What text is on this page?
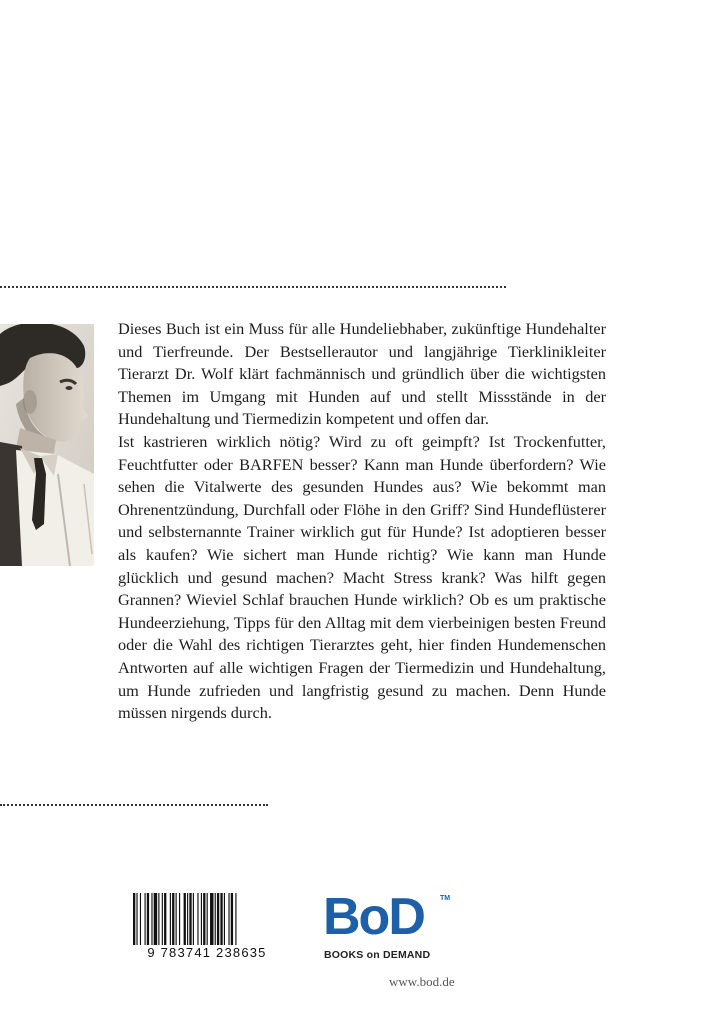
Dieses Buch ist ein Muss für alle Hundeliebhaber, zukünftige Hundehalter und Tierfreunde. Der Bestsellerautor und langjährige Tierklinikleiter Tierarzt Dr. Wolf klärt fachmännisch und gründlich über die wichtigsten Themen im Umgang mit Hunden auf und stellt Missstände in der Hundehaltung und Tiermedizin kompetent und offen dar.

Ist kastrieren wirklich nötig? Wird zu oft geimpft? Ist Trockenfutter, Feuchtfutter oder BARFEN besser? Kann man Hunde überfordern? Wie sehen die Vitalwerte des gesunden Hundes aus? Wie bekommt man Ohrenentzündung, Durchfall oder Flöhe in den Griff? Sind Hundeflüsterer und selbsternannte Trainer wirklich gut für Hunde? Ist adoptieren besser als kaufen? Wie sichert man Hunde richtig? Wie kann man Hunde glücklich und gesund machen? Macht Stress krank? Was hilft gegen Grannen? Wieviel Schlaf brauchen Hunde wirklich? Ob es um praktische Hundeerziehung, Tipps für den Alltag mit dem vierbeinigen besten Freund oder die Wahl des richtigen Tierarztes geht, hier finden Hundemenschen Antworten auf alle wichtigen Fragen der Tiermedizin und Hundehaltung, um Hunde zufrieden und langfristig gesund zu machen. Denn Hunde müssen nirgends durch.

9 783741 238635
BoD TM
BOOKS on DEMAND
www.bod.de
